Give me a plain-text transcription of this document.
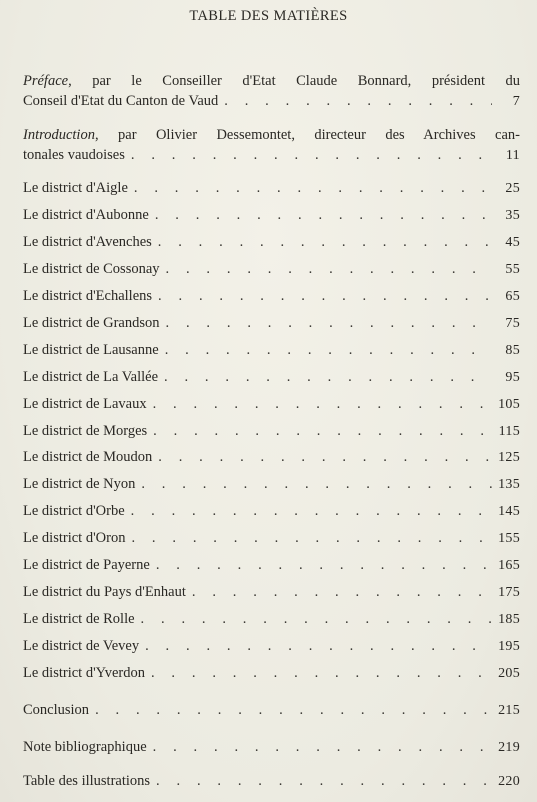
TABLE DES MATIÈRES
Préface, par le Conseiller d'Etat Claude Bonnard, président du
Conseil d'Etat du Canton de Vaud . . .	7
Introduction, par Olivier Dessemontet, directeur des Archives can-
tonales vaudoises . . .	11
Le district d'Aigle . . .	25
Le district d'Aubonne . . .	35
Le district d'Avenches . . .	45
Le district de Cossonay . . .	55
Le district d'Echallens . . .	65
Le district de Grandson . . .	75
Le district de Lausanne . . .	85
Le district de La Vallée . . .	95
Le district de Lavaux . . .	105
Le district de Morges . . .	115
Le district de Moudon . . .	125
Le district de Nyon . . .	135
Le district d'Orbe . . .	145
Le district d'Oron . . .	155
Le district de Payerne . . .	165
Le district du Pays d'Enhaut . . .	175
Le district de Rolle . . .	185
Le district de Vevey . . .	195
Le district d'Yverdon . . .	205
Conclusion . . .	215
Note bibliographique . . .	219
Table des illustrations . . .	220
